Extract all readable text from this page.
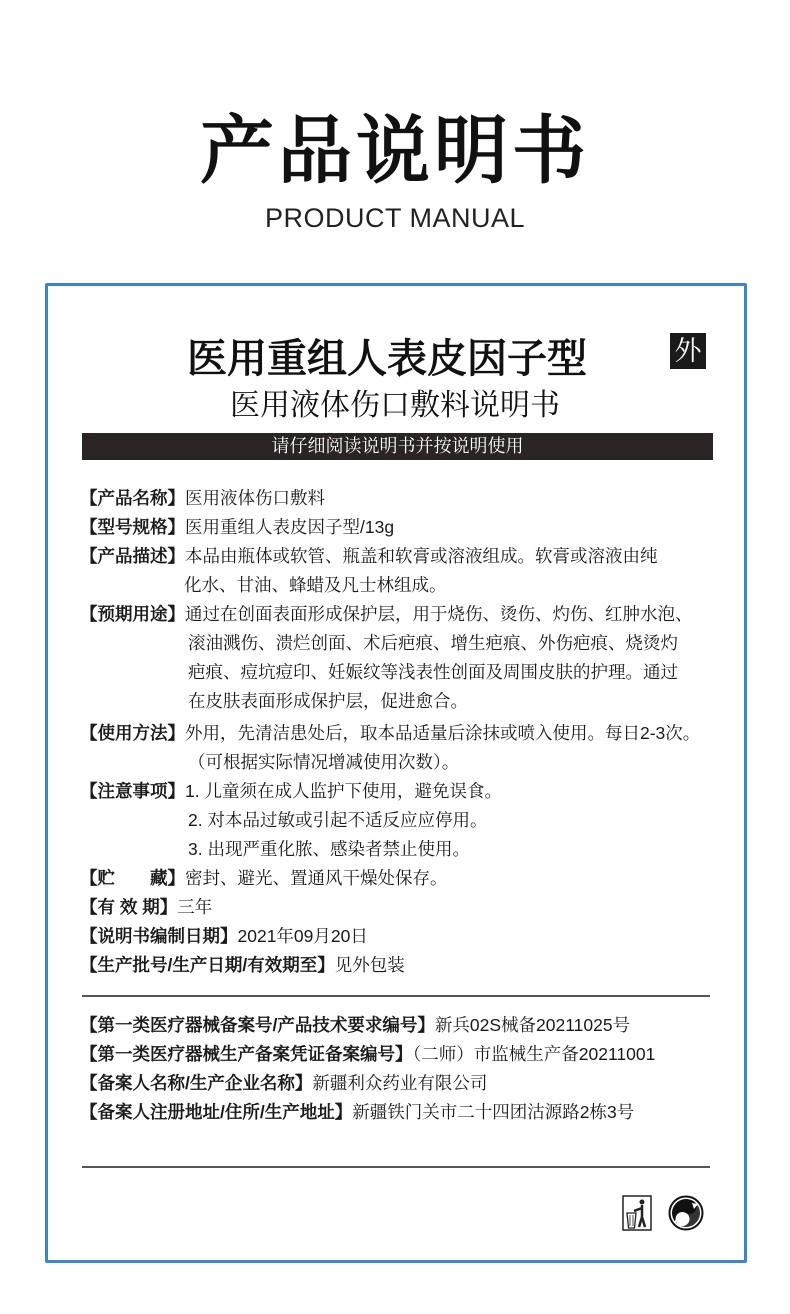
产品说明书
PRODUCT MANUAL
医用重组人表皮因子型	外
医用液体伤口敷料说明书
请仔细阅读说明书并按说明使用
【产品名称】医用液体伤口敷料
【型号规格】医用重组人表皮因子型/13g
【产品描述】本品由瓶体或软管、瓶盖和软膏或溶液组成。软膏或溶液由纯
化水、甘油、蜂蜡及凡士林组成。
【预期用途】通过在创面表面形成保护层，用于烧伤、烫伤、灼伤、红肿水泡、
滚油溅伤、溃烂创面、术后疤痕、增生疤痕、外伤疤痕、烧烫灼
疤痕、痘坑痘印、妊娠纹等浅表性创面及周围皮肤的护理。通过
在皮肤表面形成保护层，促进愈合。
【使用方法】外用，先清洁患处后，取本品适量后涂抹或喷入使用。每日2-3次。
（可根据实际情况增减使用次数）。
【注意事项】1. 儿童须在成人监护下使用，避免误食。
2. 对本品过敏或引起不适反应应停用。
3. 出现严重化脓、感染者禁止使用。
【贮　　藏】密封、避光、置通风干燥处保存。
【有 效 期】三年
【说明书编制日期】2021年09月20日
【生产批号/生产日期/有效期至】见外包装
【第一类医疗器械备案号/产品技术要求编号】新兵02S械备20211025号
【第一类医疗器械生产备案凭证备案编号】（二师）市监械生产备20211001
【备案人名称/生产企业名称】新疆利众药业有限公司
【备案人注册地址/住所/生产地址】新疆铁门关市二十四团沽源路2栋3号
